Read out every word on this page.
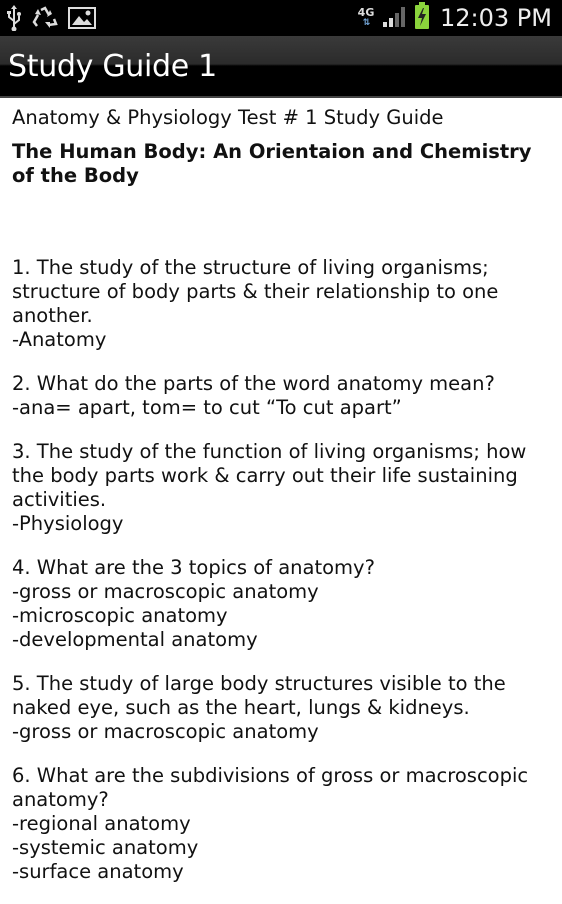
4G
⇅	12:03 PM
Study Guide 1

Anatomy & Physiology Test # 1 Study Guide

The Human Body: An Orientaion and Chemistry of the Body

1. The study of the structure of living organisms; structure of body parts & their relationship to one another.

-Anatomy

2. What do the parts of the word anatomy mean?

-ana= apart, tom= to cut “To cut apart”

3. The study of the function of living organisms; how the body parts work & carry out their life sustaining activities.

-Physiology

4. What are the 3 topics of anatomy?

-gross or macroscopic anatomy

-microscopic anatomy

-developmental anatomy

5. The study of large body structures visible to the naked eye, such as the heart, lungs & kidneys.

-gross or macroscopic anatomy

6. What are the subdivisions of gross or macroscopic anatomy?

-regional anatomy

-systemic anatomy

-surface anatomy
